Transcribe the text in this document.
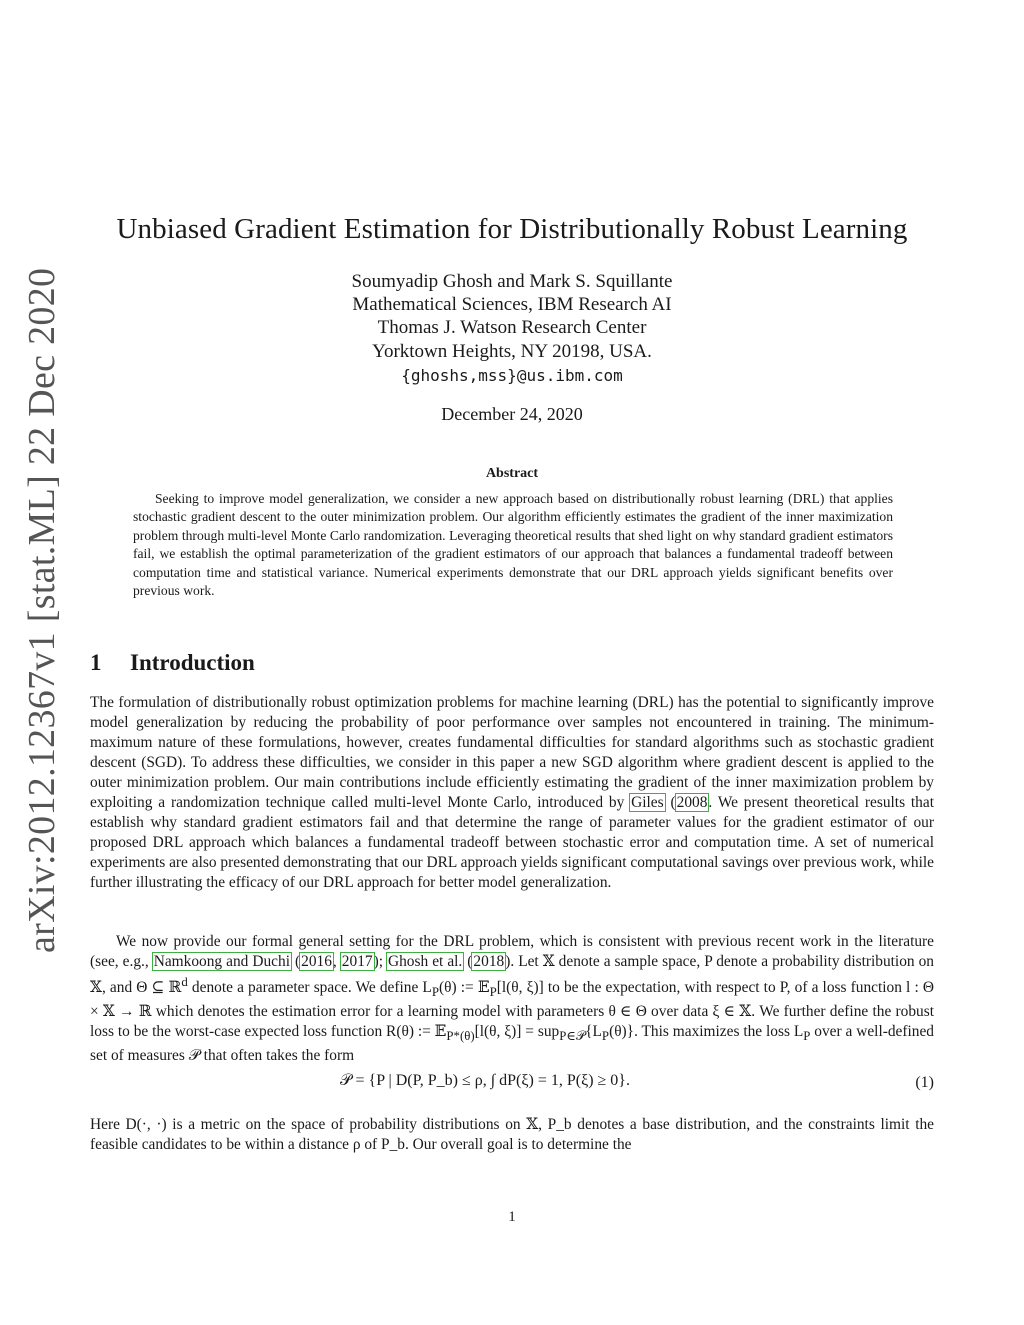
arXiv:2012.12367v1 [stat.ML] 22 Dec 2020
Unbiased Gradient Estimation for Distributionally Robust Learning
Soumyadip Ghosh and Mark S. Squillante
Mathematical Sciences, IBM Research AI
Thomas J. Watson Research Center
Yorktown Heights, NY 20198, USA.
{ghoshs,mss}@us.ibm.com
December 24, 2020
Abstract
Seeking to improve model generalization, we consider a new approach based on distributionally robust learning (DRL) that applies stochastic gradient descent to the outer minimization problem. Our algorithm efficiently estimates the gradient of the inner maximization problem through multi-level Monte Carlo randomization. Leveraging theoretical results that shed light on why standard gradient estimators fail, we establish the optimal parameterization of the gradient estimators of our approach that balances a fundamental tradeoff between computation time and statistical variance. Numerical experiments demonstrate that our DRL approach yields significant benefits over previous work.
1 Introduction
The formulation of distributionally robust optimization problems for machine learning (DRL) has the potential to significantly improve model generalization by reducing the probability of poor performance over samples not encountered in training. The minimum-maximum nature of these formulations, however, creates fundamental difficulties for standard algorithms such as stochastic gradient descent (SGD). To address these difficulties, we consider in this paper a new SGD algorithm where gradient descent is applied to the outer minimization problem. Our main contributions include efficiently estimating the gradient of the inner maximization problem by exploiting a randomization technique called multi-level Monte Carlo, introduced by Giles (2008. We present theoretical results that establish why standard gradient estimators fail and that determine the range of parameter values for the gradient estimator of our proposed DRL approach which balances a fundamental tradeoff between stochastic error and computation time. A set of numerical experiments are also presented demonstrating that our DRL approach yields significant computational savings over previous work, while further illustrating the efficacy of our DRL approach for better model generalization.
We now provide our formal general setting for the DRL problem, which is consistent with previous recent work in the literature (see, e.g., Namkoong and Duchi (2016, 2017); Ghosh et al. (2018). Let 𝕏 denote a sample space, P denote a probability distribution on 𝕏, and Θ ⊆ ℝ$^d$ denote a parameter space. We define $L_P(\theta)$ := 𝔼$_P$[l(θ, ξ)] to be the expectation, with respect to P, of a loss function l : Θ × 𝕏 → ℝ which denotes the estimation error for a learning model with parameters θ ∈ Θ over data ξ ∈ 𝕏. We further define the robust loss to be the worst-case expected loss function R(θ) := 𝔼$_{P*(\theta)}$[l(θ, $\xi)] = sup_{P\in 𝒫}\{L_P(\theta)\}$. This maximizes the loss $L_P$ over a well-defined set of measures 𝒫 that often takes the form
𝒫 = {P | D(P, P_b) ≤ ρ, ∫ dP(ξ) = 1, P(ξ) ≥ 0}.	(1)
Here D(·, ·) is a metric on the space of probability distributions on 𝕏, P_b denotes a base distribution, and the constraints limit the feasible candidates to be within a distance ρ of P_b. Our overall goal is to determine the
1
